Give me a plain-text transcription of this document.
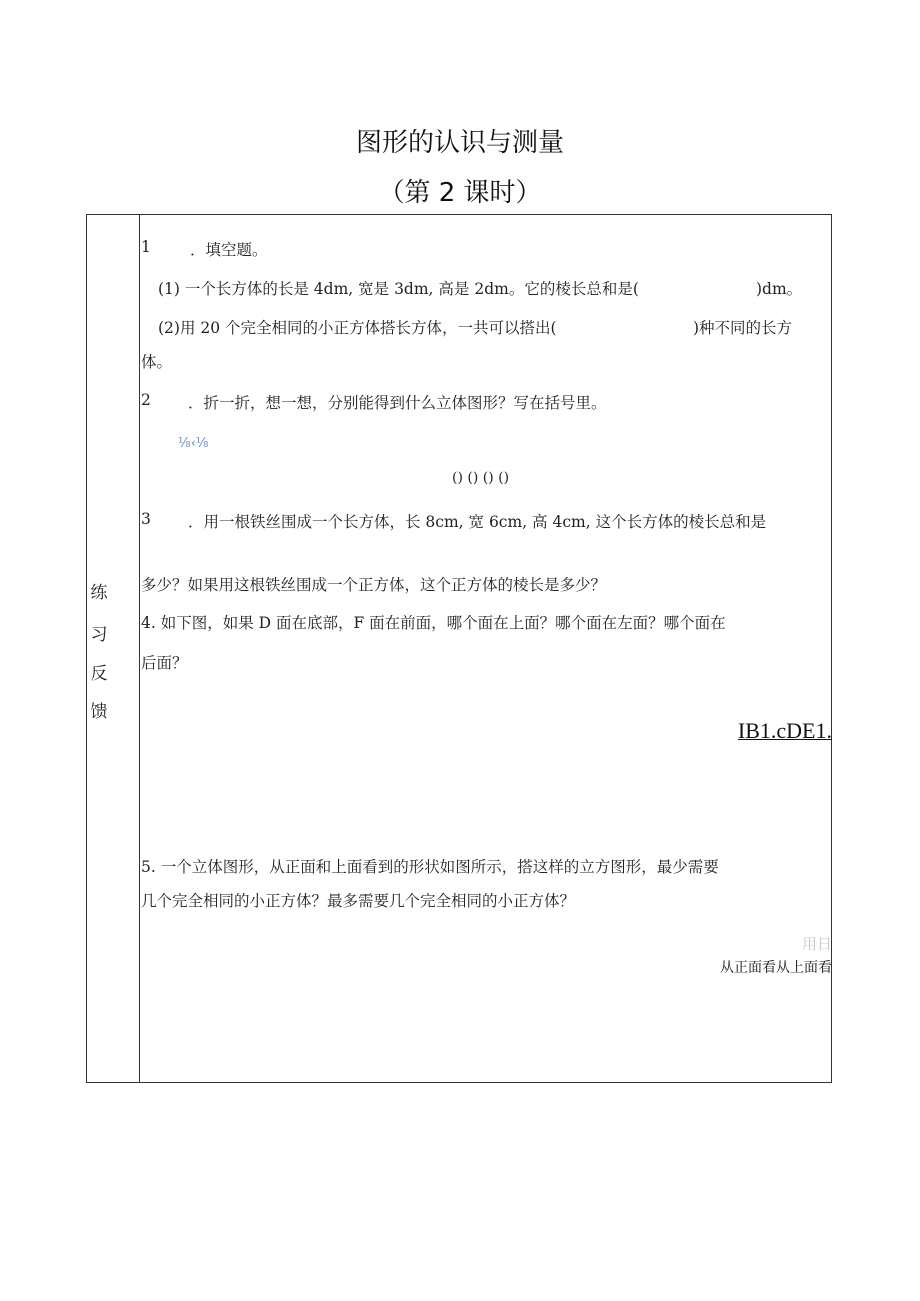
图形的认识与测量
（第 2 课时）
练
习
反
馈
1	．填空题。
(1) 一个长方体的长是 4dm, 宽是 3dm, 高是 2dm。它的棱长总和是(	)dm。
(2)用 20 个完全相同的小正方体搭长方体，一共可以搭出(	)种不同的长方
体。
2 ．折一折，想一想，分别能得到什么立体图形？写在括号里。
⅛‹⅛
() () () ()
3 ．用一根铁丝围成一个长方体，长 8cm, 宽 6cm, 高 4cm, 这个长方体的棱长总和是
多少？如果用这根铁丝围成一个正方体，这个正方体的棱长是多少？
4. 如下图，如果 D 面在底部，F 面在前面，哪个面在上面？哪个面在左面？哪个面在
后面？
IB1.cDE1.
5. 一个立体图形，从正面和上面看到的形状如图所示，搭这样的立方图形，最少需要
几个完全相同的小正方体？最多需要几个完全相同的小正方体？
用日
从正面看从上面看
